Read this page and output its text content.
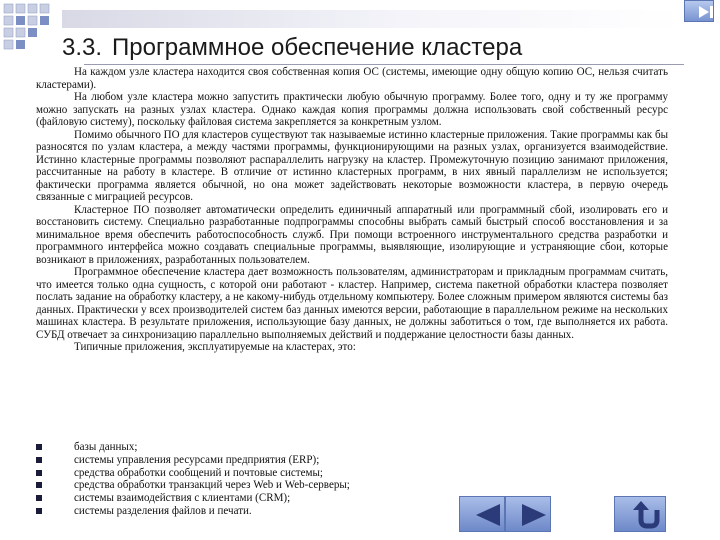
3.3. Программное обеспечение кластера

На каждом узле кластера находится своя собственная копия ОС (системы, имеющие одну общую копию ОС, нельзя считать кластерами).

На любом узле кластера можно запустить практически любую обычную программу. Более того, одну и ту же программу можно запускать на разных узлах кластера. Однако каждая копия программы должна использовать свой собственный ресурс (файловую систему), поскольку файловая система закрепляется за конкретным узлом.

Помимо обычного ПО для кластеров существуют так называемые истинно кластерные приложения. Такие программы как бы разносятся по узлам кластера, а между частями программы, функционирующими на разных узлах, организуется взаимодействие. Истинно кластерные программы позволяют распараллелить нагрузку на кластер. Промежуточную позицию занимают приложения, рассчитанные на работу в кластере. В отличие от истинно кластерных программ, в них явный параллелизм не используется; фактически программа является обычной, но она может задействовать некоторые возможности кластера, в первую очередь связанные с миграцией ресурсов.

Кластерное ПО позволяет автоматически определить единичный аппаратный или программный сбой, изолировать его и восстановить систему. Специально разработанные подпрограммы способны выбрать самый быстрый способ восстановления и за минимальное время обеспечить работоспособность служб. При помощи встроенного инструментального средства разработки и программного интерфейса можно создавать специальные программы, выявляющие, изолирующие и устраняющие сбои, которые возникают в приложениях, разработанных пользователем.

Программное обеспечение кластера дает возможность пользователям, администраторам и прикладным программам считать, что имеется только одна сущность, с которой они работают - кластер. Например, система пакетной обработки кластера позволяет послать задание на обработку кластеру, а не какому-нибудь отдельному компьютеру. Более сложным примером являются системы баз данных. Практически у всех производителей систем баз данных имеются версии, работающие в параллельном режиме на нескольких машинах кластера. В результате приложения, использующие базу данных, не должны заботиться о том, где выполняется их работа. СУБД отвечает за синхронизацию параллельно выполняемых действий и поддержание целостности базы данных.

Типичные приложения, эксплуатируемые на кластерах, это:

базы данных;
системы управления ресурсами предприятия (ERP);
средства обработки сообщений и почтовые системы;
средства обработки транзакций через Web и Web-серверы;
системы взаимодействия с клиентами (CRM);
системы разделения файлов и печати.
